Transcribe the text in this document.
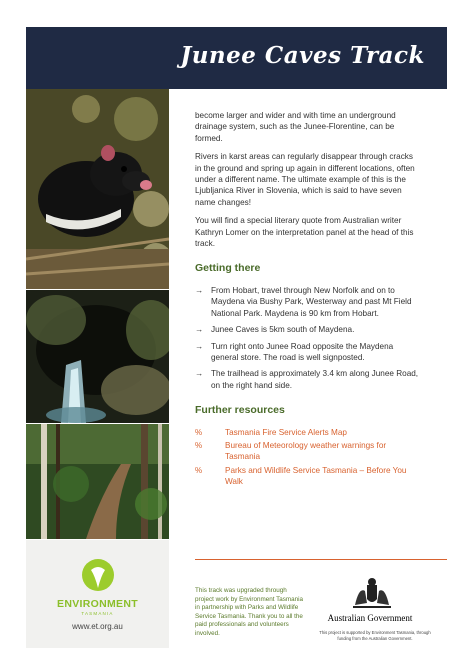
Junee Caves Track
ENVIRONMENT
TASMANIA
www.et.org.au

become larger and wider and with time an underground drainage system, such as the Junee-Florentine, can be formed.

Rivers in karst areas can regularly disappear through cracks in the ground and spring up again in different locations, often under a different name. The ultimate example of this is the Ljubljanica River in Slovenia, which is said to have seven name changes!

You will find a special literary quote from Australian writer Kathryn Lomer on the interpretation panel at the head of this track.

Getting there
→ From Hobart, travel through New Norfolk and on to Maydena via Bushy Park, Westerway and past Mt Field National Park. Maydena is 90 km from Hobart.
→ Junee Caves is 5km south of Maydena.
→ Turn right onto Junee Road opposite the Maydena general store. The road is well signposted.
→ The trailhead is approximately 3.4 km along Junee Road, on the right hand side.
Further resources
%	Tasmania Fire Service Alerts Map
%	Bureau of Meteorology weather warnings for Tasmania
%	Parks and Wildlife Service Tasmania – Before You Walk
This track was upgraded through project work by Environment Tasmania in partnership with Parks and Wildlife Service Tasmania. Thank you to all the paid professionals and volunteers involved.
Australian Government
This project is supported by Environment Tasmania, through funding from the Australian Government.
